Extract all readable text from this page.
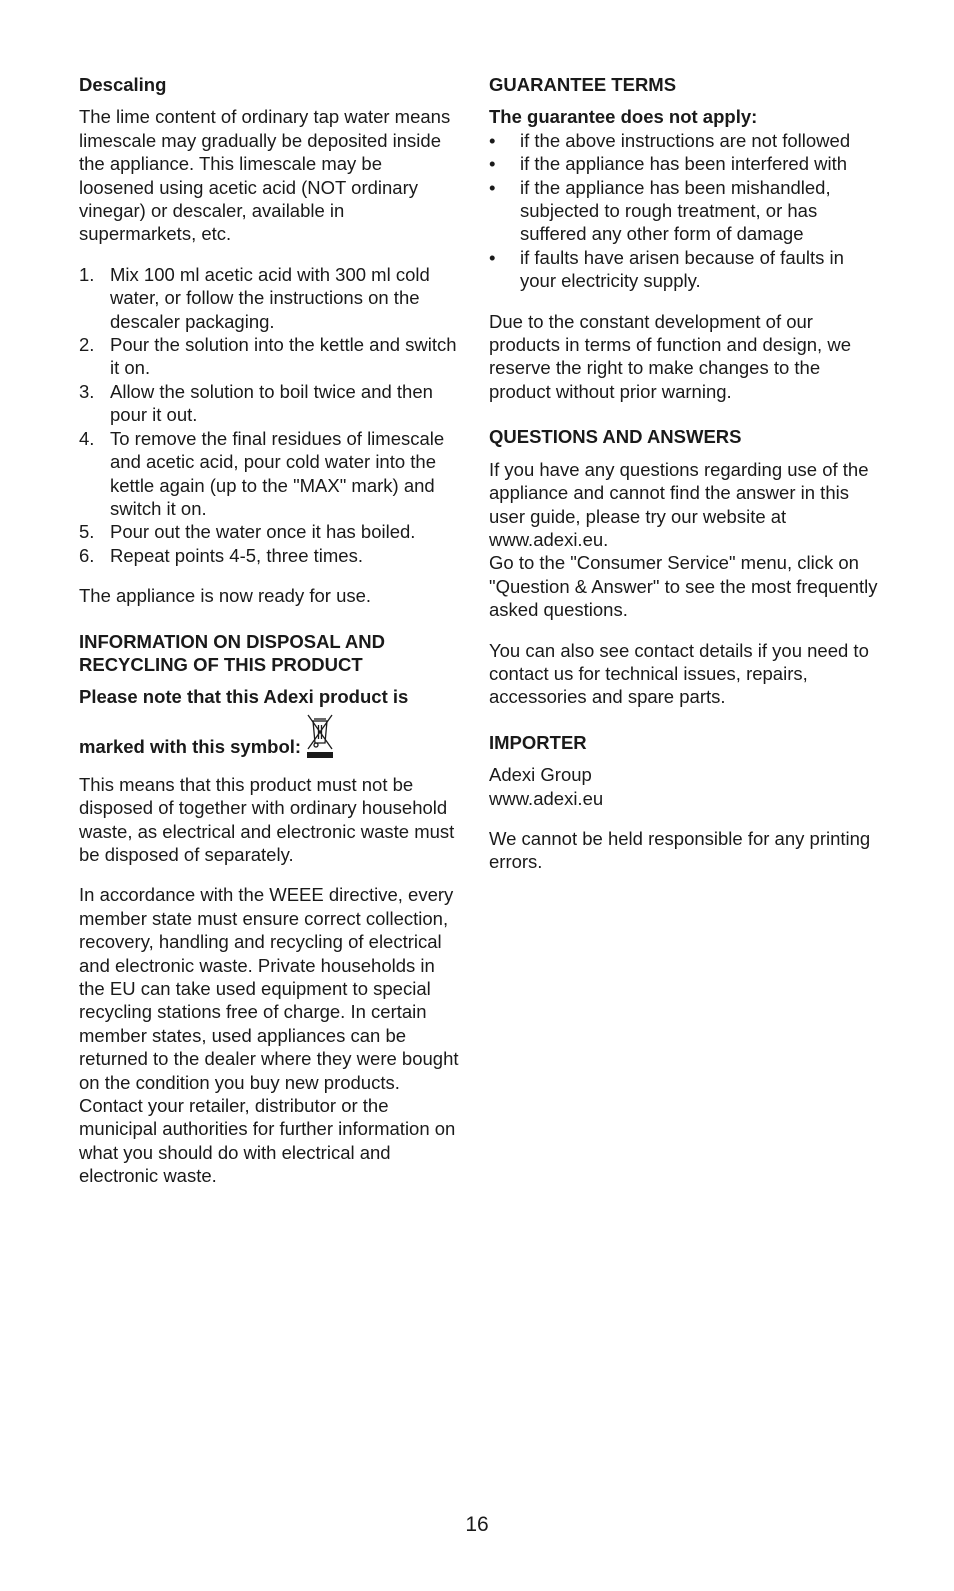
Descaling

The lime content of ordinary tap water means limescale may gradually be deposited inside the appliance. This limescale may be loosened using acetic acid (NOT ordinary vinegar) or descaler, available in supermarkets, etc.

1. Mix 100 ml acetic acid with 300 ml cold water, or follow the instructions on the descaler packaging.
2. Pour the solution into the kettle and switch it on.
3. Allow the solution to boil twice and then pour it out.
4. To remove the final residues of limescale and acetic acid, pour cold water into the kettle again (up to the "MAX" mark) and switch it on.
5. Pour out the water once it has boiled.
6. Repeat points 4-5, three times.

The appliance is now ready for use.

INFORMATION ON DISPOSAL AND
RECYCLING OF THIS PRODUCT
Please note that this Adexi product is
marked with this symbol:

This means that this product must not be disposed of together with ordinary household waste, as electrical and electronic waste must be disposed of separately.

In accordance with the WEEE directive, every member state must ensure correct collection, recovery, handling and recycling of electrical and electronic waste. Private households in the EU can take used equipment to special recycling stations free of charge. In certain member states, used appliances can be returned to the dealer where they were bought on the condition you buy new products. Contact your retailer, distributor or the municipal authorities for further information on what you should do with electrical and electronic waste.

GUARANTEE TERMS
The guarantee does not apply:
•	if the above instructions are not followed
•	if the appliance has been interfered with
•	if the appliance has been mishandled, subjected to rough treatment, or has suffered any other form of damage
•	if faults have arisen because of faults in your electricity supply.

Due to the constant development of our products in terms of function and design, we reserve the right to make changes to the product without prior warning.

QUESTIONS AND ANSWERS

If you have any questions regarding use of the appliance and cannot find the answer in this user guide, please try our website at www.adexi.eu.

Go to the "Consumer Service" menu, click on "Question & Answer" to see the most frequently asked questions.

You can also see contact details if you need to contact us for technical issues, repairs, accessories and spare parts.

IMPORTER
Adexi Group

www.adexi.eu

We cannot be held responsible for any printing errors.

16
